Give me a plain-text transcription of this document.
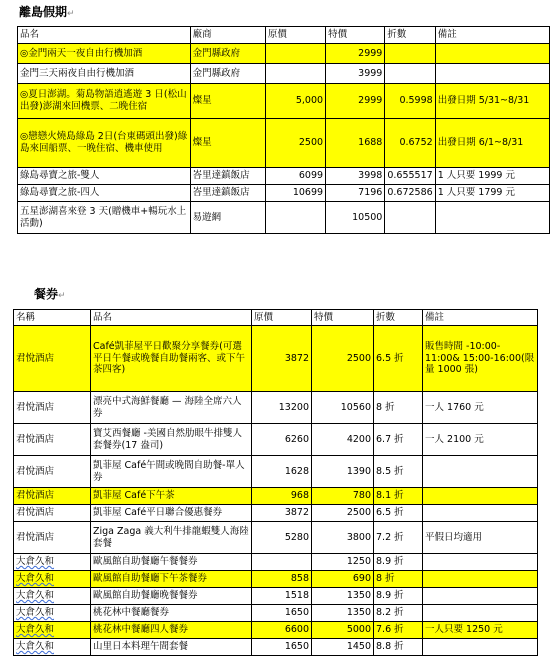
離島假期↵
品名	廠商	原價	特價	折數	備註
◎金門兩天一夜自由行機加酒	金門縣政府		2999		
金門三天兩夜自由行機加酒	金門縣政府		3999		
◎夏日澎湖。菊島物語逍遙遊 3 日(松山出發)澎湖來回機票、二晚住宿	燦星	5,000	2999	0.5998	出發日期 5/31~8/31
◎戀戀火燒島綠島 2日(台東碼頭出發)綠島來回船票、一晚住宿、機車使用	燦星	2500	1688	0.6752	出發日期 6/1~8/31
綠島尋寶之旅-雙人	峇里達鎮飯店	6099	3998	0.655517	1 人只要 1999 元
綠島尋寶之旅-四人	峇里達鎮飯店	10699	7196	0.672586	1 人只要 1799 元
五星澎湖喜來登 3 天(贈機車+暢玩水上活動)	易遊網		10500		
餐券↵
名稱	品名	原價	特價	折數	備註
君悅酒店	Café凱菲屋平日歡聚分享餐券(可選平日午餐或晚餐自助餐兩客、或下午茶四客)	3872	2500	6.5 折	販售時間 -10:00-11:00& 15:00-16:00(限量 1000 張)
君悅酒店	漂亮中式海鮮餐廳 — 海陸全席六人券	13200	10560	8 折	一人 1760 元
君悅酒店	寶艾西餐廳 -美國自然肋眼牛排雙人套餐券(17 盎司)	6260	4200	6.7 折	一人 2100 元
君悅酒店	凱菲屋 Café午間或晚間自助餐-單人券	1628	1390	8.5 折	
君悅酒店	凱菲屋 Café下午茶	968	780	8.1 折	
君悅酒店	凱菲屋 Café平日聯合優惠餐券	3872	2500	6.5 折	
君悅酒店	Ziga Zaga 義大利牛排龍蝦雙人海陸套餐	5280	3800	7.2 折	平假日均適用
大倉久和	歐風館自助餐廳午餐餐券		1250	8.9 折	
大倉久和	歐風館自助餐廳下午茶餐券	858	690	8 折	
大倉久和	歐風館自助餐廳晚餐餐券	1518	1350	8.9 折	
大倉久和	桃花林中餐廳餐券	1650	1350	8.2 折	
大倉久和	桃花林中餐廳四人餐券	6600	5000	7.6 折	一人只要 1250 元
大倉久和	山里日本料理午間套餐	1650	1450	8.8 折	
